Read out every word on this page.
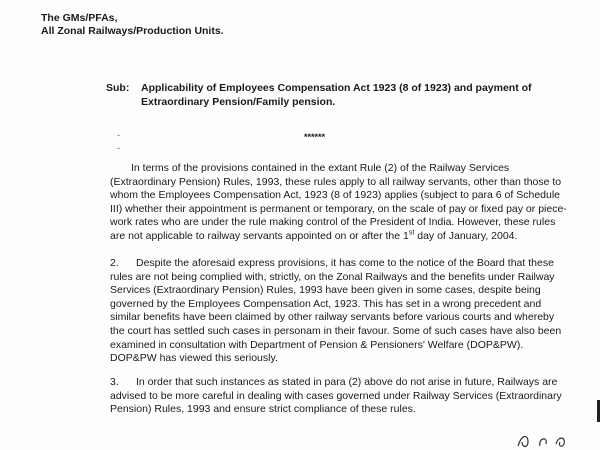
The GMs/PFAs,
All Zonal Railways/Production Units.
Sub: Applicability of Employees Compensation Act 1923 (8 of 1923) and payment of
Extraordinary Pension/Family pension.
-
-
******
In terms of the provisions contained in the extant Rule (2) of the Railway Services
(Extraordinary Pension) Rules, 1993, these rules apply to all railway servants, other than those to
whom the Employees Compensation Act, 1923 (8 of 1923) applies (subject to para 6 of Schedule
III) whether their appointment is permanent or temporary, on the scale of pay or fixed pay or piece-
work rates who are under the rule making control of the President of India. However, these rules
are not applicable to railway servants appointed on or after the 1st day of January, 2004.
2. Despite the aforesaid express provisions, it has come to the notice of the Board that these
rules are not being complied with, strictly, on the Zonal Railways and the benefits under Railway
Services (Extraordinary Pension) Rules, 1993 have been given in some cases, despite being
governed by the Employees Compensation Act, 1923. This has set in a wrong precedent and
similar benefits have been claimed by other railway servants before various courts and whereby
the court has settled such cases in personam in their favour. Some of such cases have also been
examined in consultation with Department of Pension & Pensioners' Welfare (DOP&PW).
DOP&PW has viewed this seriously.
3. In order that such instances as stated in para (2) above do not arise in future, Railways are
advised to be more careful in dealing with cases governed under Railway Services (Extraordinary
Pension) Rules, 1993 and ensure strict compliance of these rules.
